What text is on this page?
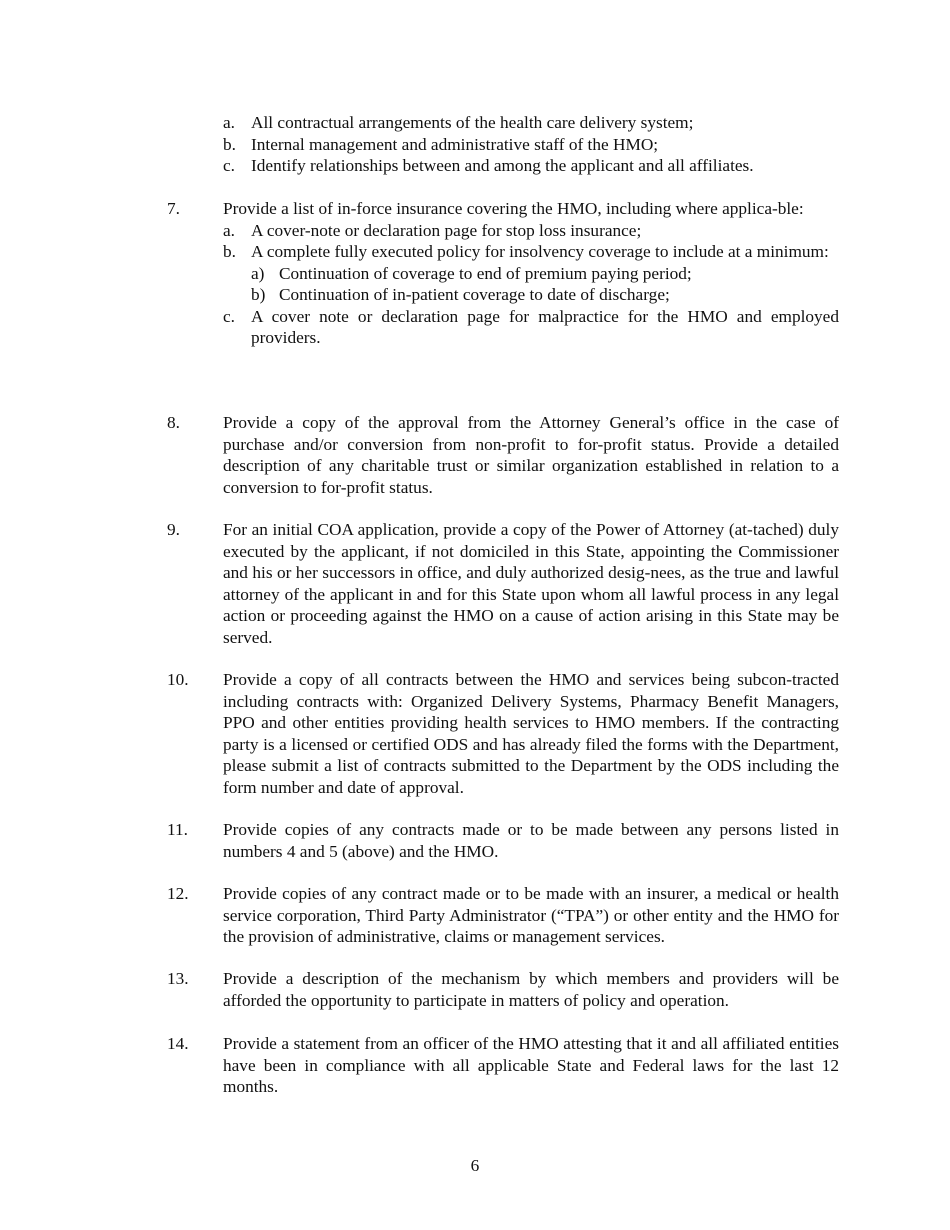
a. All contractual arrangements of the health care delivery system;
b. Internal management and administrative staff of the HMO;
c. Identify relationships between and among the applicant and all affiliates.
7.	Provide a list of in-force insurance covering the HMO, including where applica-ble:
a. A cover-note or declaration page for stop loss insurance;
b. A complete fully executed policy for insolvency coverage to include at a minimum:
a) Continuation of coverage to end of premium paying period;
b) Continuation of in-patient coverage to date of discharge;
c. A cover note or declaration page for malpractice for the HMO and employed providers.
8.	Provide a copy of the approval from the Attorney General’s office in the case of purchase and/or conversion from non-profit to for-profit status. Provide a detailed description of any charitable trust or similar organization established in relation to a conversion to for-profit status.
9.	For an initial COA application, provide a copy of the Power of Attorney (at-tached) duly executed by the applicant, if not domiciled in this State, appointing the Commissioner and his or her successors in office, and duly authorized desig-nees, as the true and lawful attorney of the applicant in and for this State upon whom all lawful process in any legal action or proceeding against the HMO on a cause of action arising in this State may be served.
10.	Provide a copy of all contracts between the HMO and services being subcon-tracted including contracts with: Organized Delivery Systems, Pharmacy Benefit Managers, PPO and other entities providing health services to HMO members. If the contracting party is a licensed or certified ODS and has already filed the forms with the Department, please submit a list of contracts submitted to the Department by the ODS including the form number and date of approval.
11.	Provide copies of any contracts made or to be made between any persons listed in numbers 4 and 5 (above) and the HMO.
12.	Provide copies of any contract made or to be made with an insurer, a medical or health service corporation, Third Party Administrator (“TPA”) or other entity and the HMO for the provision of administrative, claims or management services.
13.	Provide a description of the mechanism by which members and providers will be afforded the opportunity to participate in matters of policy and operation.
14.	Provide a statement from an officer of the HMO attesting that it and all affiliated entities have been in compliance with all applicable State and Federal laws for the last 12 months.
6
